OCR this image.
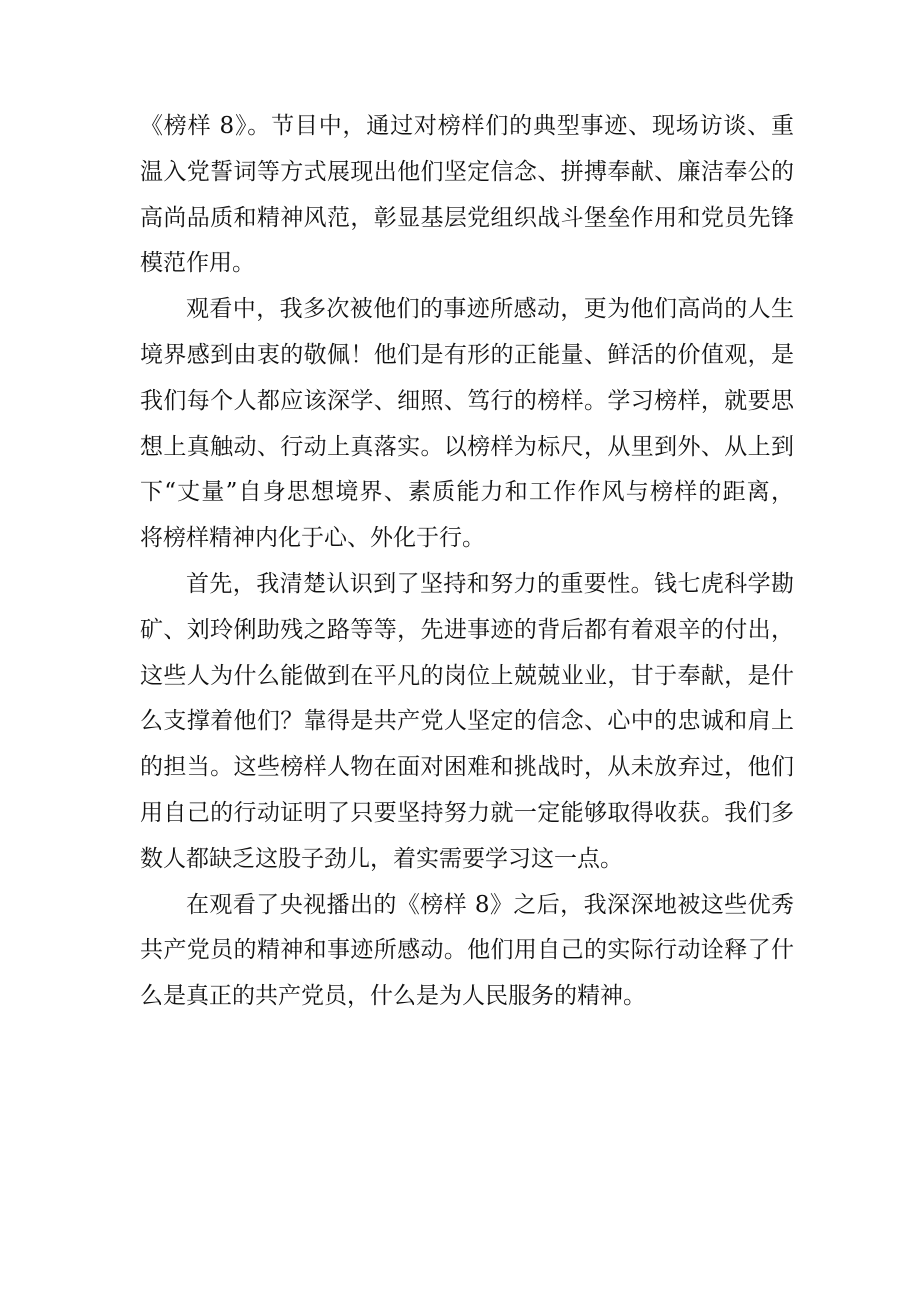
《榜样 8》。节目中，通过对榜样们的典型事迹、现场访谈、重
温入党誓词等方式展现出他们坚定信念、拼搏奉献、廉洁奉公的
高尚品质和精神风范，彰显基层党组织战斗堡垒作用和党员先锋
模范作用。
观看中，我多次被他们的事迹所感动，更为他们高尚的人生
境界感到由衷的敬佩！他们是有形的正能量、鲜活的价值观，是
我们每个人都应该深学、细照、笃行的榜样。学习榜样，就要思
想上真触动、行动上真落实。以榜样为标尺，从里到外、从上到
下“丈量”自身思想境界、素质能力和工作作风与榜样的距离，
将榜样精神内化于心、外化于行。
首先，我清楚认识到了坚持和努力的重要性。钱七虎科学勘
矿、刘玲俐助残之路等等，先进事迹的背后都有着艰辛的付出，
这些人为什么能做到在平凡的岗位上兢兢业业，甘于奉献，是什
么支撑着他们？靠得是共产党人坚定的信念、心中的忠诚和肩上
的担当。这些榜样人物在面对困难和挑战时，从未放弃过，他们
用自己的行动证明了只要坚持努力就一定能够取得收获。我们多
数人都缺乏这股子劲儿，着实需要学习这一点。
在观看了央视播出的《榜样 8》之后，我深深地被这些优秀
共产党员的精神和事迹所感动。他们用自己的实际行动诠释了什
么是真正的共产党员，什么是为人民服务的精神。
